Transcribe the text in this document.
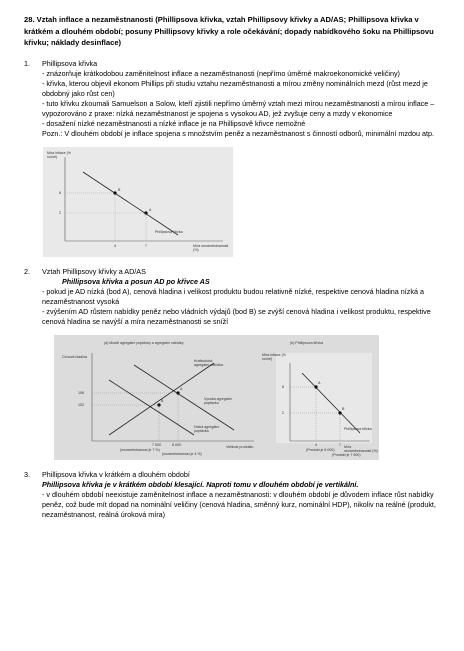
28. Vztah inflace a nezaměstnanosti (Phillipsova křivka, vztah Phillipsovy křivky a AD/AS; Phillipsova křivka v krátkém a dlouhém období; posuny Phillipsovy křivky a role očekávání; dopady nabídkového šoku na Phillipsovu křivku; náklady desinflace)
1.	Phillipsova křivka
- znázorňuje krátkodobou zaměnitelnost inflace a nezaměstnanosti (nepřímo úměrné makroekonomické veličiny)
- křivka, kterou objevil ekonom Phillips při studiu vztahu nezaměstnanosti a mírou změny nominálních mezd (růst mezd je obdobný jako růst cen)
- tuto křivku zkoumali Samuelson a Solow, kteří zjistili nepřímo úměrný vztah mezi mírou nezaměstnanosti a mírou inflace – vypozorováno z praxe: nízká nezaměstnanost je spojena s vysokou AD, jež zvyšuje ceny a mzdy v ekonomice
- dosažení nízké nezaměstnanosti a nízké inflace je na Phillipsově křivce nemožné
Pozn.: V dlouhém období je inflace spojena s množstvím peněz a nezaměstnanost s činností odborů, minimální mzdou atp.
Míra inflace (% ročně)
Míra nezaměstnanosti (%)
Phillipsova křivka
B
A
6
2
4	7
2.	Vztah Phillipsovy křivky a AD/AS
Phillipsova křivka a posun AD po křivce AS
- pokud je AD nízká (bod A), cenová hladina i velikost produktu budou relativně nízké, respektive cenová hladina nízká a nezaměstnanost vysoká
- zvýšením AD růstem nabídky peněz nebo vládních výdajů (bod B) se zvýší cenová hladina i velikost produktu, respektive cenová hladina se navýší a míra nezaměstnanosti se sníží
(a) Model agregátní poptávky a agregátní nabídky	(b) Phillipsova křivka
Cenová hladina
Velikost produktu
Krátkodobá agregátní nabídka
Vysoká agregátní poptávka
Nízká agregátní poptávka
106
102
7 500	8 000
(nezaměstnanost je 7 %)
(nezaměstnanost je 4 %)
Míra inflace (% ročně)
Míra nezaměstnanosti (%)
Phillipsova křivka
6
2
4	7
(Produkt je 8 000)
(Produkt je 7 500)
A
B
A
B
3.	Phillipsova křivka v krátkém a dlouhém období
Phillipsova křivka je v krátkém období klesající. Naproti tomu v dlouhém období je vertikální.
- v dlouhém období neexistuje zaměnitelnost inflace a nezaměstnanosti: v dlouhém období je důvodem inflace růst nabídky peněz, což bude mít dopad na nominální veličiny (cenová hladina, směnný kurz, nominální HDP), nikoliv na reálné (produkt, nezaměstnanost, reálná úroková míra)
